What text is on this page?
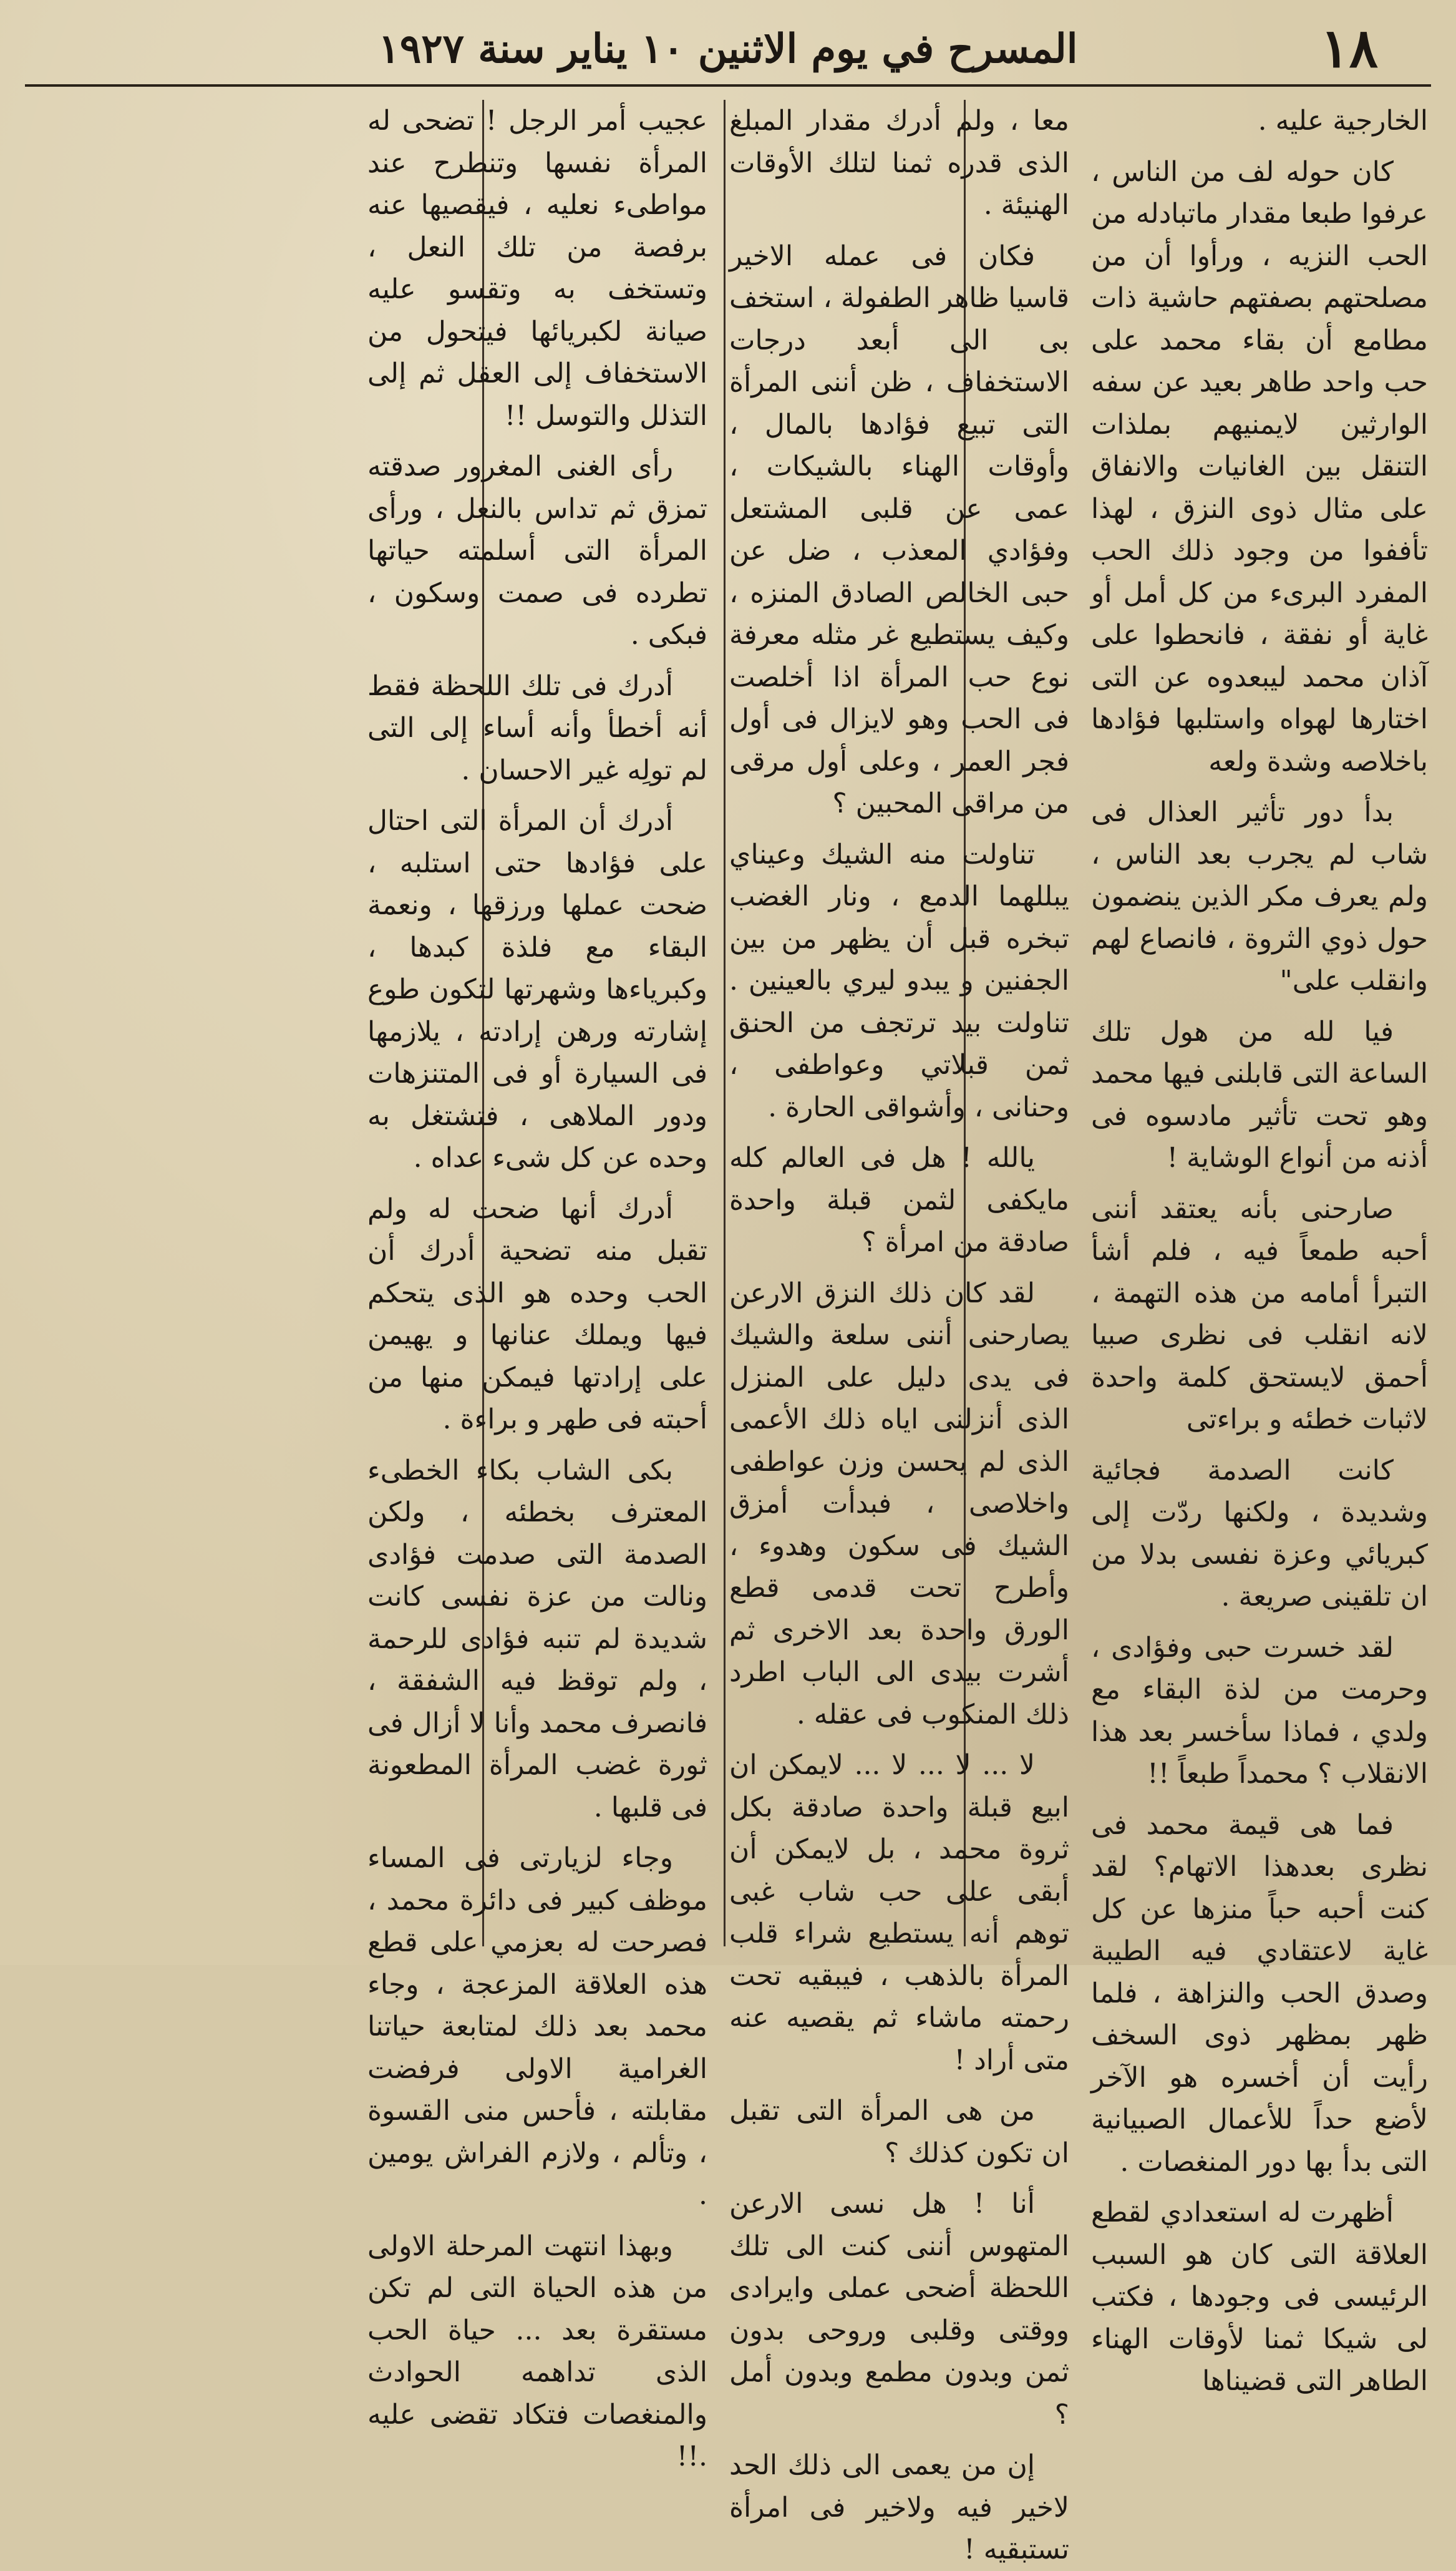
١٨
المسرح في يوم الاثنين ١٠ يناير سنة ١٩٢٧

الخارجية عليه .

كان حوله لف من الناس ، عرفوا طبعا مقدار ماتبادله من الحب النزيه ، ورأوا أن من مصلحتهم بصفتهم حاشية ذات مطامع أن بقاء محمد على حب واحد طاهر بعيد عن سفه الوارثين لايمنيهم بملذات التنقل بين الغانيات والانفاق على مثال ذوى النزق ، لهذا تأففوا من وجود ذلك الحب المفرد البرىء من كل أمل أو غاية أو نفقة ، فانحطوا على آذان محمد ليبعدوه عن التى اختارها لهواه واستلبها فؤادها باخلاصه وشدة ولعه

بدأ دور تأثير العذال فى شاب لم يجرب بعد الناس ، ولم يعرف مكر الذين ينضمون حول ذوي الثروة ، فانصاع لهم وانقلب على"

فيا لله من هول تلك الساعة التى قابلنى فيها محمد وهو تحت تأثير مادسوه فى أذنه من أنواع الوشاية !

صارحنى بأنه يعتقد أننى أحبه طمعاً فيه ، فلم أشأ التبرأ أمامه من هذه التهمة ، لانه انقلب فى نظرى صبيا أحمق لايستحق كلمة واحدة لاثبات خطئه و براءتى

كانت الصدمة فجائية وشديدة ، ولكنها ردّت إلى كبريائي وعزة نفسى بدلا من ان تلقينى صريعة .

لقد خسرت حبى وفؤادى ، وحرمت من لذة البقاء مع ولدي ، فماذا سأخسر بعد هذا الانقلاب ؟ محمداً طبعاً !!

فما هى قيمة محمد فى نظرى بعدهذا الاتهام؟ لقد كنت أحبه حباً منزها عن كل غاية لاعتقادي فيه الطيبة وصدق الحب والنزاهة ، فلما ظهر بمظهر ذوى السخف رأيت أن أخسره هو الآخر لأضع حداً للأعمال الصبيانية التى بدأ بها دور المنغصات .

أظهرت له استعدادي لقطع العلاقة التى كان هو السبب الرئيسى فى وجودها ، فكتب لى شيكا ثمنا لأوقات الهناء الطاهر التى قضيناها

معا ، ولم أدرك مقدار المبلغ الذى قدره ثمنا لتلك الأوقات الهنيئة .

فكان فى عمله الاخير قاسيا ظاهر الطفولة ، استخف بى الى أبعد درجات الاستخفاف ، ظن أننى المرأة التى تبيع فؤادها بالمال ، وأوقات الهناء بالشيكات ، عمى عن قلبى المشتعل وفؤادي المعذب ، ضل عن حبى الخالص الصادق المنزه ، وكيف يستطيع غر مثله معرفة نوع حب المرأة اذا أخلصت فى الحب وهو لايزال فى أول فجر العمر ، وعلى أول مرقى من مراقى المحبين ؟

تناولت منه الشيك وعيناي يبللهما الدمع ، ونار الغضب تبخره قبل أن يظهر من بين الجفنين و يبدو ليري بالعينين . تناولت بيد ترتجف من الحنق ثمن قبلاتي وعواطفى ، وحنانى ، وأشواقى الحارة .

يالله ! هل فى العالم كله مايكفى لثمن قبلة واحدة صادقة من امرأة ؟

لقد كان ذلك النزق الارعن يصارحنى أننى سلعة والشيك فى يدى دليل على المنزل الذى أنزلنى اياه ذلك الأعمى الذى لم يحسن وزن عواطفى واخلاصى ، فبدأت أمزق الشيك فى سكون وهدوء ، وأطرح تحت قدمى قطع الورق واحدة بعد الاخرى ثم أشرت بيدى الى الباب اطرد ذلك المنكوب فى عقله .

لا ... لا ... لا ... لايمكن ان ابيع قبلة واحدة صادقة بكل ثروة محمد ، بل لايمكن أن أبقى على حب شاب غبى توهم أنه يستطيع شراء قلب المرأة بالذهب ، فيبقيه تحت رحمته ماشاء ثم يقصيه عنه متى أراد !

من هى المرأة التى تقبل ان تكون كذلك ؟

أنا ! هل نسى الارعن المتهوس أننى كنت الى تلك اللحظة أضحى عملى وايرادى ووقتى وقلبى وروحى بدون ثمن وبدون مطمع وبدون أمل ؟

إن من يعمى الى ذلك الحد لاخير فيه ولاخير فى امرأة تستبقيه !

عجيب أمر الرجل ! تضحى له المرأة نفسها وتنطرح عند مواطىء نعليه ، فيقصيها عنه برفصة من تلك النعل ، وتستخف به وتقسو عليه صيانة لكبريائها فيتحول من الاستخفاف إلى العقل ثم إلى التذلل والتوسل !!

رأى الغنى المغرور صدقته تمزق ثم تداس بالنعل ، ورأى المرأة التى أسلمته حياتها تطرده فى صمت وسكون ، فبكى .

أدرك فى تلك اللحظة فقط أنه أخطأ وأنه أساء إلى التى لم تولِه غير الاحسان .

أدرك أن المرأة التى احتال على فؤادها حتى استلبه ، ضحت عملها ورزقها ، ونعمة البقاء مع فلذة كبدها ، وكبرياءها وشهرتها لتكون طوع إشارته ورهن إرادته ، يلازمها فى السيارة أو فى المتنزهات ودور الملاهى ، فتشتغل به وحده عن كل شىء عداه .

أدرك أنها ضحت له ولم تقبل منه تضحية أدرك أن الحب وحده هو الذى يتحكم فيها ويملك عنانها و يهيمن على إرادتها فيمكن منها من أحبته فى طهر و براءة .

بكى الشاب بكاء الخطىء المعترف بخطئه ، ولكن الصدمة التى صدمت فؤادى ونالت من عزة نفسى كانت شديدة لم تنبه فؤادى للرحمة ، ولم توقظ فيه الشفقة ، فانصرف محمد وأنا لا أزال فى ثورة غضب المرأة المطعونة فى قلبها .

وجاء لزيارتى فى المساء موظف كبير فى دائرة محمد ، فصرحت له بعزمي على قطع هذه العلاقة المزعجة ، وجاء محمد بعد ذلك لمتابعة حياتنا الغرامية الاولى فرفضت مقابلته ، فأحس منى القسوة ، وتألم ، ولازم الفراش يومين .

وبهذا انتهت المرحلة الاولى من هذه الحياة التى لم تكن مستقرة بعد ... حياة الحب الذى تداهمه الحوادث والمنغصات فتكاد تقضى عليه .!!
